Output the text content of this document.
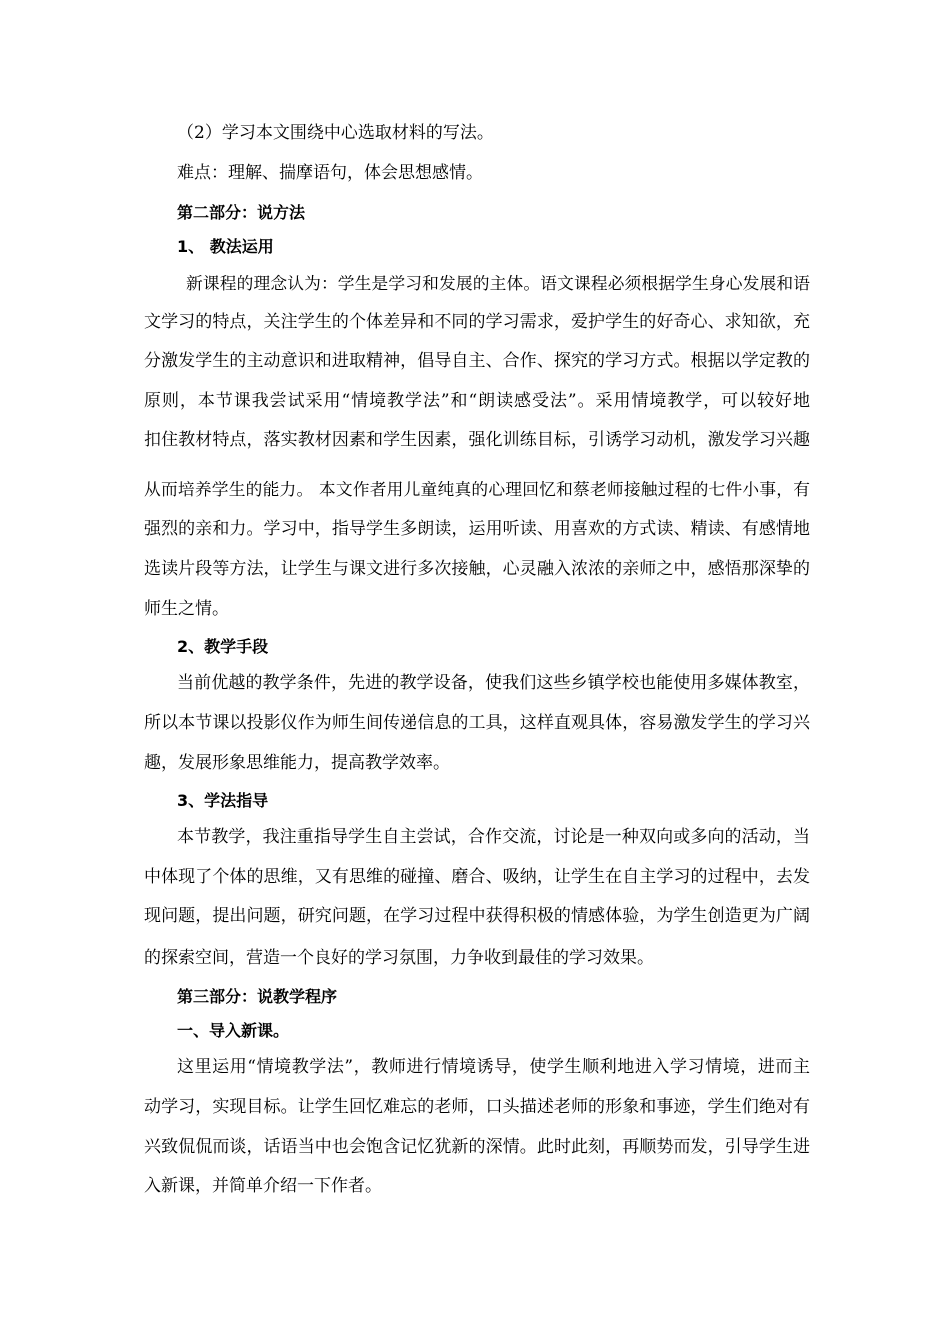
（2）学习本文围绕中心选取材料的写法。
难点：理解、揣摩语句，体会思想感情。
第二部分：说方法
1、 教法运用
新课程的理念认为：学生是学习和发展的主体。语文课程必须根据学生身心发展和语
文学习的特点，关注学生的个体差异和不同的学习需求，爱护学生的好奇心、求知欲，充
分激发学生的主动意识和进取精神，倡导自主、合作、探究的学习方式。根据以学定教的
原则，本节课我尝试采用“情境教学法”和“朗读感受法”。采用情境教学，可以较好地
扣住教材特点，落实教材因素和学生因素，强化训练目标，引诱学习动机，激发学习兴趣
从而培养学生的能力。 本文作者用儿童纯真的心理回忆和蔡老师接触过程的七件小事，有
强烈的亲和力。学习中，指导学生多朗读，运用听读、用喜欢的方式读、精读、有感情地
选读片段等方法，让学生与课文进行多次接触，心灵融入浓浓的亲师之中，感悟那深挚的
师生之情。
2、教学手段
当前优越的教学条件，先进的教学设备，使我们这些乡镇学校也能使用多媒体教室，
所以本节课以投影仪作为师生间传递信息的工具，这样直观具体，容易激发学生的学习兴
趣，发展形象思维能力，提高教学效率。
3、学法指导
本节教学，我注重指导学生自主尝试，合作交流，讨论是一种双向或多向的活动，当
中体现了个体的思维，又有思维的碰撞、磨合、吸纳，让学生在自主学习的过程中，去发
现问题，提出问题，研究问题，在学习过程中获得积极的情感体验，为学生创造更为广阔
的探索空间，营造一个良好的学习氛围，力争收到最佳的学习效果。
第三部分：说教学程序
一、导入新课。
这里运用“情境教学法”，教师进行情境诱导，使学生顺利地进入学习情境，进而主
动学习，实现目标。让学生回忆难忘的老师，口头描述老师的形象和事迹，学生们绝对有
兴致侃侃而谈，话语当中也会饱含记忆犹新的深情。此时此刻，再顺势而发，引导学生进
入新课，并简单介绍一下作者。
